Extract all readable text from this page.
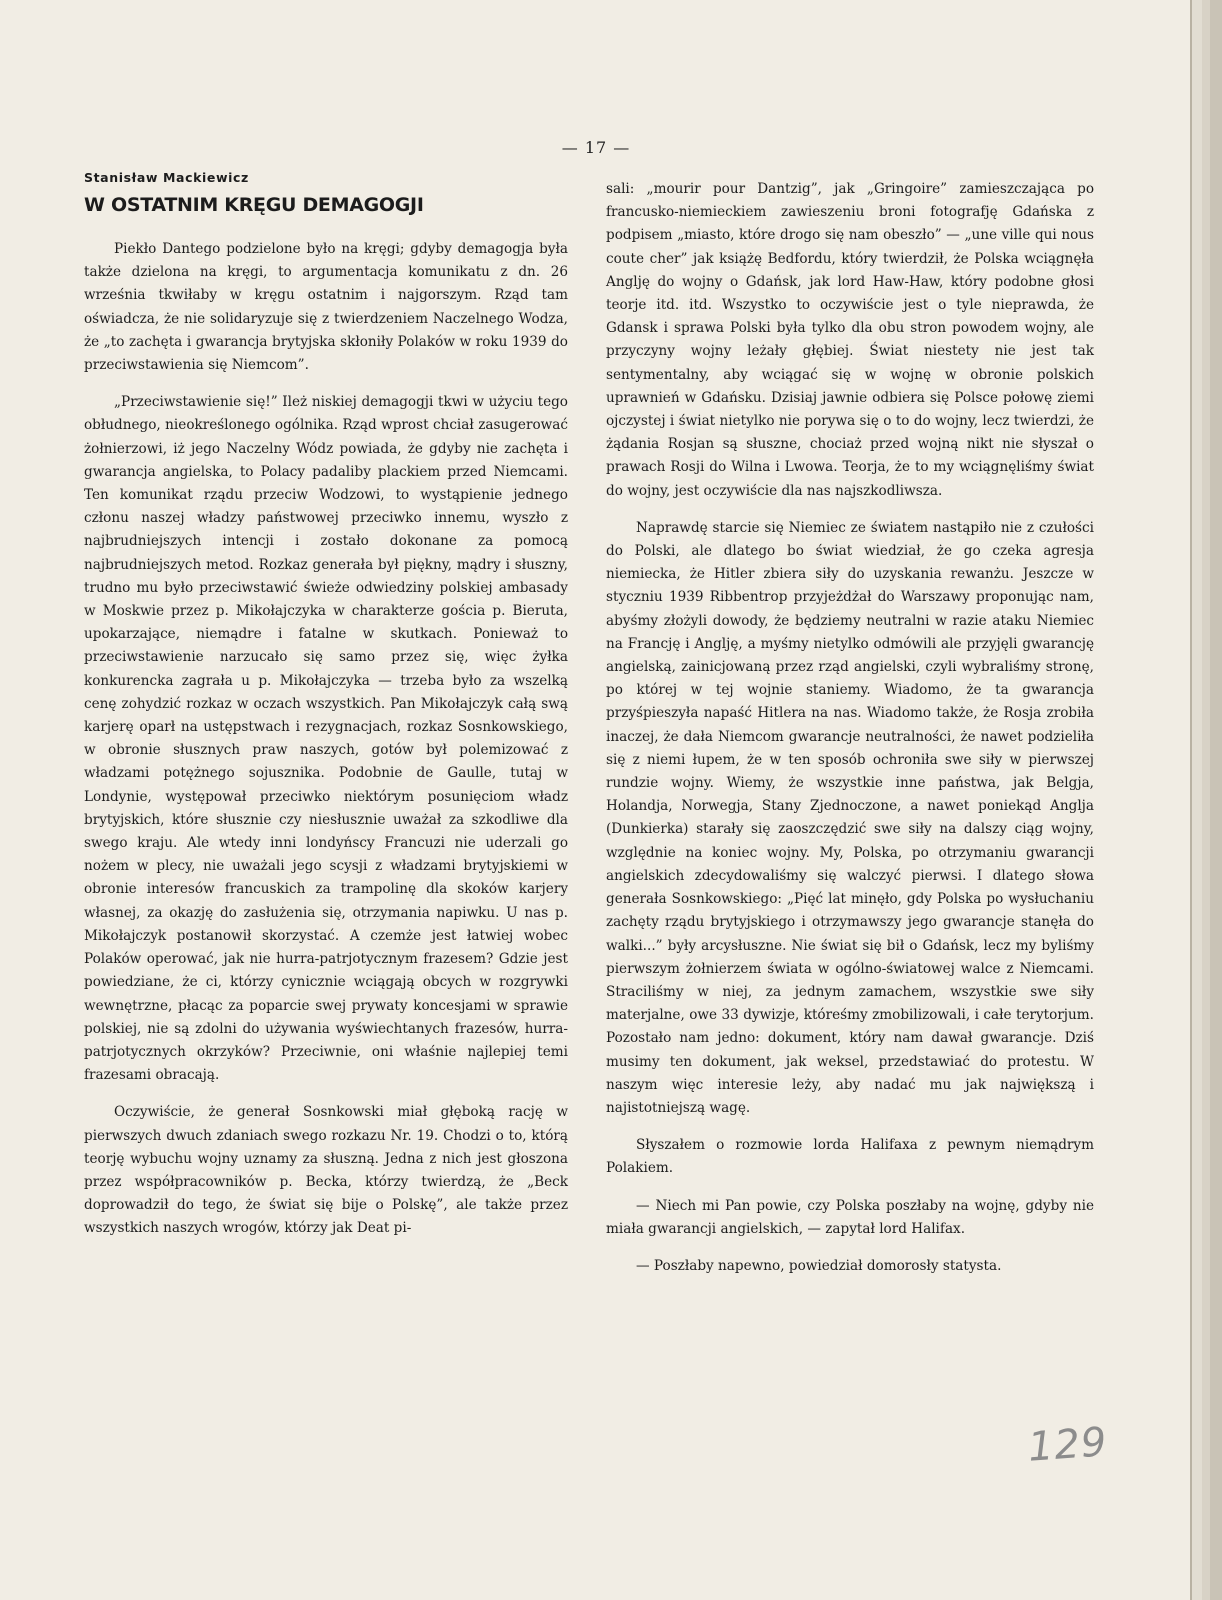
— 17 —

Stanisław Mackiewicz

W OSTATNIM KRĘGU DEMAGOGJI

Piekło Dantego podzielone było na kręgi; gdyby demagogja była także dzielona na kręgi, to argumentacja komunikatu z dn. 26 września tkwiłaby w kręgu ostatnim i najgorszym. Rząd tam oświadcza, że nie solidaryzuje się z twierdzeniem Naczelnego Wodza, że „to zachęta i gwarancja brytyjska skłoniły Polaków w roku 1939 do przeciwstawienia się Niemcom”.

„Przeciwstawienie się!” Ileż niskiej demagogji tkwi w użyciu tego obłudnego, nieokreślonego ogólnika. Rząd wprost chciał zasugerować żołnierzowi, iż jego Naczelny Wódz powiada, że gdyby nie zachęta i gwarancja angielska, to Polacy padaliby plackiem przed Niemcami. Ten komunikat rządu przeciw Wodzowi, to wystąpienie jednego członu naszej władzy państwowej przeciwko innemu, wyszło z najbrudniejszych intencji i zostało dokonane za pomocą najbrudniejszych metod. Rozkaz generała był piękny, mądry i słuszny, trudno mu było przeciwstawić świeże odwiedziny polskiej ambasady w Moskwie przez p. Mikołajczyka w charakterze gościa p. Bieruta, upokarzające, niemądre i fatalne w skutkach. Ponieważ to przeciwstawienie narzucało się samo przez się, więc żyłka konkurencka zagrała u p. Mikołajczyka — trzeba było za wszelką cenę zohydzić rozkaz w oczach wszystkich. Pan Mikołajczyk całą swą karjerę oparł na ustępstwach i rezygnacjach, rozkaz Sosnkowskiego, w obronie słusznych praw naszych, gotów był polemizować z władzami potężnego sojusznika. Podobnie de Gaulle, tutaj w Londynie, występował przeciwko niektórym posunięciom władz brytyjskich, które słusznie czy niesłusznie uważał za szkodliwe dla swego kraju. Ale wtedy inni londyńscy Francuzi nie uderzali go nożem w plecy, nie uważali jego scysji z władzami brytyjskiemi w obronie interesów francuskich za trampolinę dla skoków karjery własnej, za okazję do zasłużenia się, otrzymania napiwku. U nas p. Mikołajczyk postanowił skorzystać. A czemże jest łatwiej wobec Polaków operować, jak nie hurra-patrjotycznym frazesem? Gdzie jest powiedziane, że ci, którzy cynicznie wciągają obcych w rozgrywki wewnętrzne, płacąc za poparcie swej prywaty koncesjami w sprawie polskiej, nie są zdolni do używania wyświechtanych frazesów, hurra-patrjotycznych okrzyków? Przeciwnie, oni właśnie najlepiej temi frazesami obracają.

Oczywiście, że generał Sosnkowski miał głęboką rację w pierwszych dwuch zdaniach swego rozkazu Nr. 19. Chodzi o to, którą teorję wybuchu wojny uznamy za słuszną. Jedna z nich jest głoszona przez współpracowników p. Becka, którzy twierdzą, że „Beck doprowadził do tego, że świat się bije o Polskę”, ale także przez wszystkich naszych wrogów, którzy jak Deat pi-

sali: „mourir pour Dantzig”, jak „Gringoire” zamieszczająca po francusko-niemieckiem zawieszeniu broni fotografję Gdańska z podpisem „miasto, które drogo się nam obeszło” — „une ville qui nous coute cher” jak książę Bedfordu, który twierdził, że Polska wciągnęła Anglję do wojny o Gdańsk, jak lord Haw-Haw, który podobne głosi teorje itd. itd. Wszystko to oczywiście jest o tyle nieprawda, że Gdansk i sprawa Polski była tylko dla obu stron powodem wojny, ale przyczyny wojny leżały głębiej. Świat niestety nie jest tak sentymentalny, aby wciągać się w wojnę w obronie polskich uprawnień w Gdańsku. Dzisiaj jawnie odbiera się Polsce połowę ziemi ojczystej i świat nietylko nie porywa się o to do wojny, lecz twierdzi, że żądania Rosjan są słuszne, chociaż przed wojną nikt nie słyszał o prawach Rosji do Wilna i Lwowa. Teorja, że to my wciągnęliśmy świat do wojny, jest oczywiście dla nas najszkodliwsza.

Naprawdę starcie się Niemiec ze światem nastąpiło nie z czułości do Polski, ale dlatego bo świat wiedział, że go czeka agresja niemiecka, że Hitler zbiera siły do uzyskania rewanżu. Jeszcze w styczniu 1939 Ribbentrop przyjeżdżał do Warszawy proponując nam, abyśmy złożyli dowody, że będziemy neutralni w razie ataku Niemiec na Francję i Anglję, a myśmy nietylko odmówili ale przyjęli gwarancję angielską, zainicjowaną przez rząd angielski, czyli wybraliśmy stronę, po której w tej wojnie staniemy. Wiadomo, że ta gwarancja przyśpieszyła napaść Hitlera na nas. Wiadomo także, że Rosja zrobiła inaczej, że dała Niemcom gwarancje neutralności, że nawet podzieliła się z niemi łupem, że w ten sposób ochroniła swe siły w pierwszej rundzie wojny. Wiemy, że wszystkie inne państwa, jak Belgja, Holandja, Norwegja, Stany Zjednoczone, a nawet poniekąd Anglja (Dunkierka) starały się zaoszczędzić swe siły na dalszy ciąg wojny, względnie na koniec wojny. My, Polska, po otrzymaniu gwarancji angielskich zdecydowaliśmy się walczyć pierwsi. I dlatego słowa generała Sosnkowskiego: „Pięć lat minęło, gdy Polska po wysłuchaniu zachęty rządu brytyjskiego i otrzymawszy jego gwarancje stanęła do walki...” były arcysłuszne. Nie świat się bił o Gdańsk, lecz my byliśmy pierwszym żołnierzem świata w ogólno-światowej walce z Niemcami. Straciliśmy w niej, za jednym zamachem, wszystkie swe siły materjalne, owe 33 dywizje, któreśmy zmobilizowali, i całe terytorjum. Pozostało nam jedno: dokument, który nam dawał gwarancje. Dziś musimy ten dokument, jak weksel, przedstawiać do protestu. W naszym więc interesie leży, aby nadać mu jak największą i najistotniejszą wagę.

Słyszałem o rozmowie lorda Halifaxa z pewnym niemądrym Polakiem.

— Niech mi Pan powie, czy Polska poszłaby na wojnę, gdyby nie miała gwarancji angielskich, — zapytał lord Halifax.

— Poszłaby napewno, powiedział domorosły statysta.

129
